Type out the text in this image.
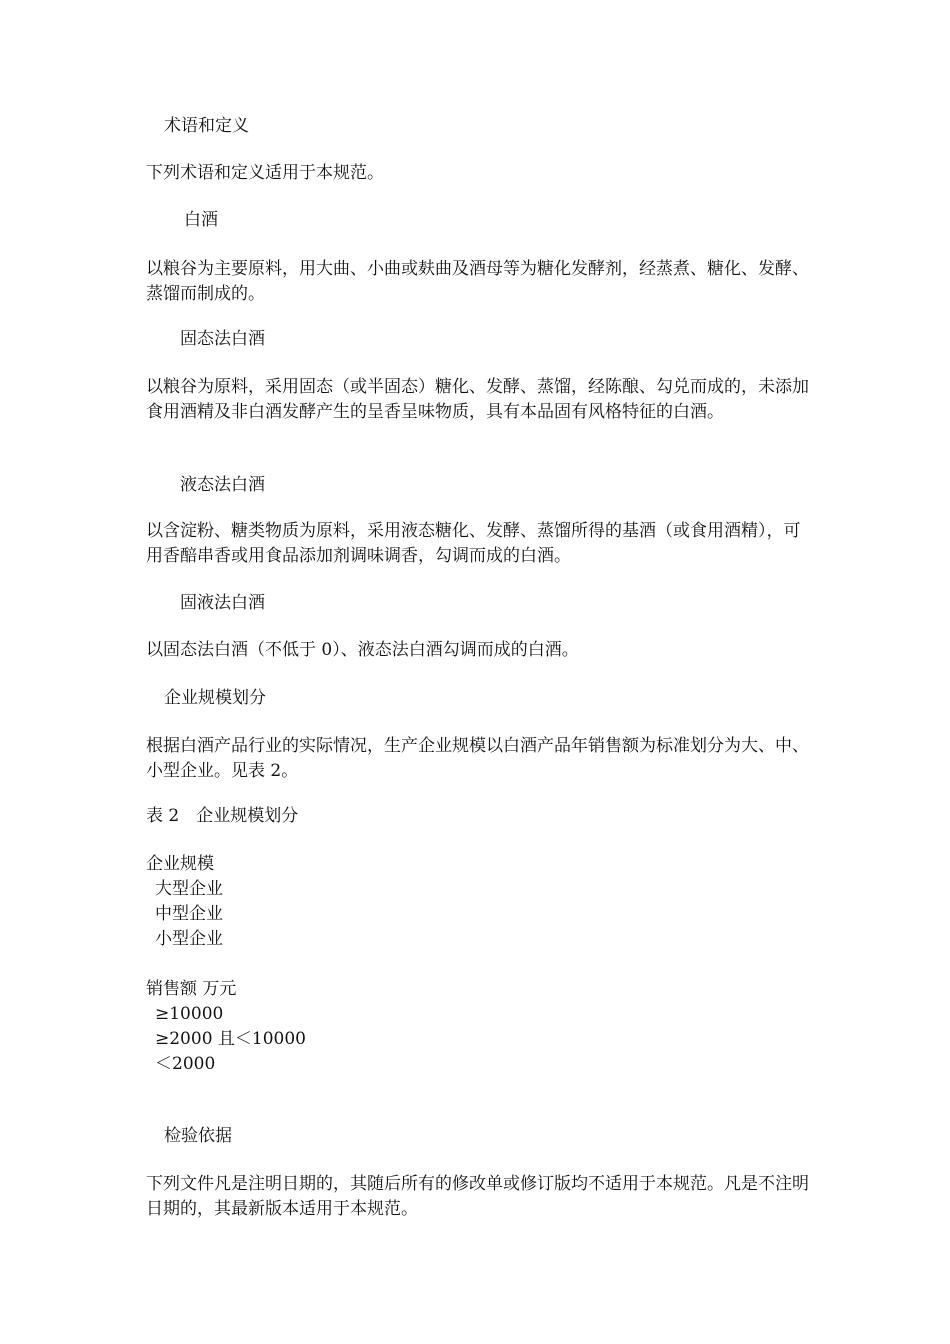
术语和定义

下列术语和定义适用于本规范。

白酒

以粮谷为主要原料，用大曲、小曲或麸曲及酒母等为糖化发酵剂，经蒸煮、糖化、发酵、蒸馏而制成的。

固态法白酒

以粮谷为原料，采用固态（或半固态）糖化、发酵、蒸馏，经陈酿、勾兑而成的，未添加食用酒精及非白酒发酵产生的呈香呈味物质，具有本品固有风格特征的白酒。

液态法白酒

以含淀粉、糖类物质为原料，采用液态糖化、发酵、蒸馏所得的基酒（或食用酒精），可用香醅串香或用食品添加剂调味调香，勾调而成的白酒。

固液法白酒

以固态法白酒（不低于 0）、液态法白酒勾调而成的白酒。

企业规模划分

根据白酒产品行业的实际情况，生产企业规模以白酒产品年销售额为标准划分为大、中、小型企业。见表 2。

表 2　企业规模划分

企业规模
大型企业
中型企业
小型企业
销售额 万元
≥10000
≥2000 且＜10000
＜2000

检验依据

下列文件凡是注明日期的，其随后所有的修改单或修订版均不适用于本规范。凡是不注明日期的，其最新版本适用于本规范。
